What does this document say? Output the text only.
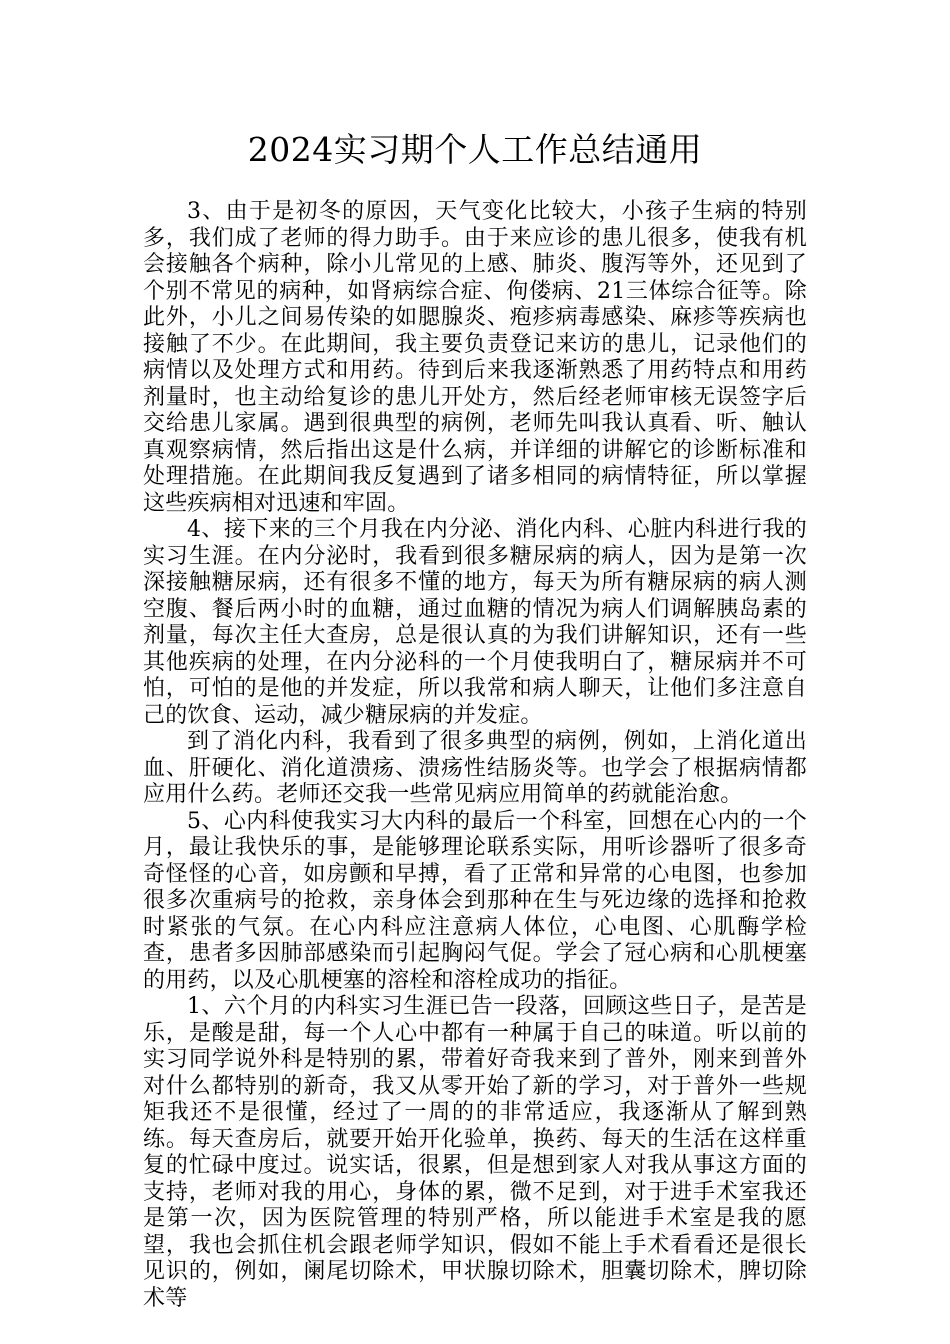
2024实习期个人工作总结通用

3、由于是初冬的原因，天气变化比较大，小孩子生病的特别多，我们成了老师的得力助手。由于来应诊的患儿很多，使我有机会接触各个病种，除小儿常见的上感、肺炎、腹泻等外，还见到了个别不常见的病种，如肾病综合症、佝偻病、21三体综合征等。除此外，小儿之间易传染的如腮腺炎、疱疹病毒感染、麻疹等疾病也接触了不少。在此期间，我主要负责登记来访的患儿，记录他们的病情以及处理方式和用药。待到后来我逐渐熟悉了用药特点和用药剂量时，也主动给复诊的患儿开处方，然后经老师审核无误签字后交给患儿家属。遇到很典型的病例，老师先叫我认真看、听、触认真观察病情，然后指出这是什么病，并详细的讲解它的诊断标准和处理措施。在此期间我反复遇到了诸多相同的病情特征，所以掌握这些疾病相对迅速和牢固。

4、接下来的三个月我在内分泌、消化内科、心脏内科进行我的实习生涯。在内分泌时，我看到很多糖尿病的病人，因为是第一次深接触糖尿病，还有很多不懂的地方，每天为所有糖尿病的病人测空腹、餐后两小时的血糖，通过血糖的情况为病人们调解胰岛素的剂量，每次主任大查房，总是很认真的为我们讲解知识，还有一些其他疾病的处理，在内分泌科的一个月使我明白了，糖尿病并不可怕，可怕的是他的并发症，所以我常和病人聊天，让他们多注意自己的饮食、运动，减少糖尿病的并发症。

到了消化内科，我看到了很多典型的病例，例如，上消化道出血、肝硬化、消化道溃疡、溃疡性结肠炎等。也学会了根据病情都应用什么药。老师还交我一些常见病应用简单的药就能治愈。

5、心内科使我实习大内科的最后一个科室，回想在心内的一个月，最让我快乐的事，是能够理论联系实际，用听诊器听了很多奇奇怪怪的心音，如房颤和早搏，看了正常和异常的心电图，也参加很多次重病号的抢救，亲身体会到那种在生与死边缘的选择和抢救时紧张的气氛。在心内科应注意病人体位，心电图、心肌酶学检查，患者多因肺部感染而引起胸闷气促。学会了冠心病和心肌梗塞的用药，以及心肌梗塞的溶栓和溶栓成功的指征。

1、六个月的内科实习生涯已告一段落，回顾这些日子，是苦是乐，是酸是甜，每一个人心中都有一种属于自己的味道。听以前的实习同学说外科是特别的累，带着好奇我来到了普外，刚来到普外对什么都特别的新奇，我又从零开始了新的学习，对于普外一些规矩我还不是很懂，经过了一周的的非常适应，我逐渐从了解到熟练。每天查房后，就要开始开化验单，换药、每天的生活在这样重复的忙碌中度过。说实话，很累，但是想到家人对我从事这方面的支持，老师对我的用心，身体的累，微不足到，对于进手术室我还是第一次，因为医院管理的特别严格，所以能进手术室是我的愿望，我也会抓住机会跟老师学知识，假如不能上手术看看还是很长见识的，例如，阑尾切除术，甲状腺切除术，胆囊切除术，脾切除术等
